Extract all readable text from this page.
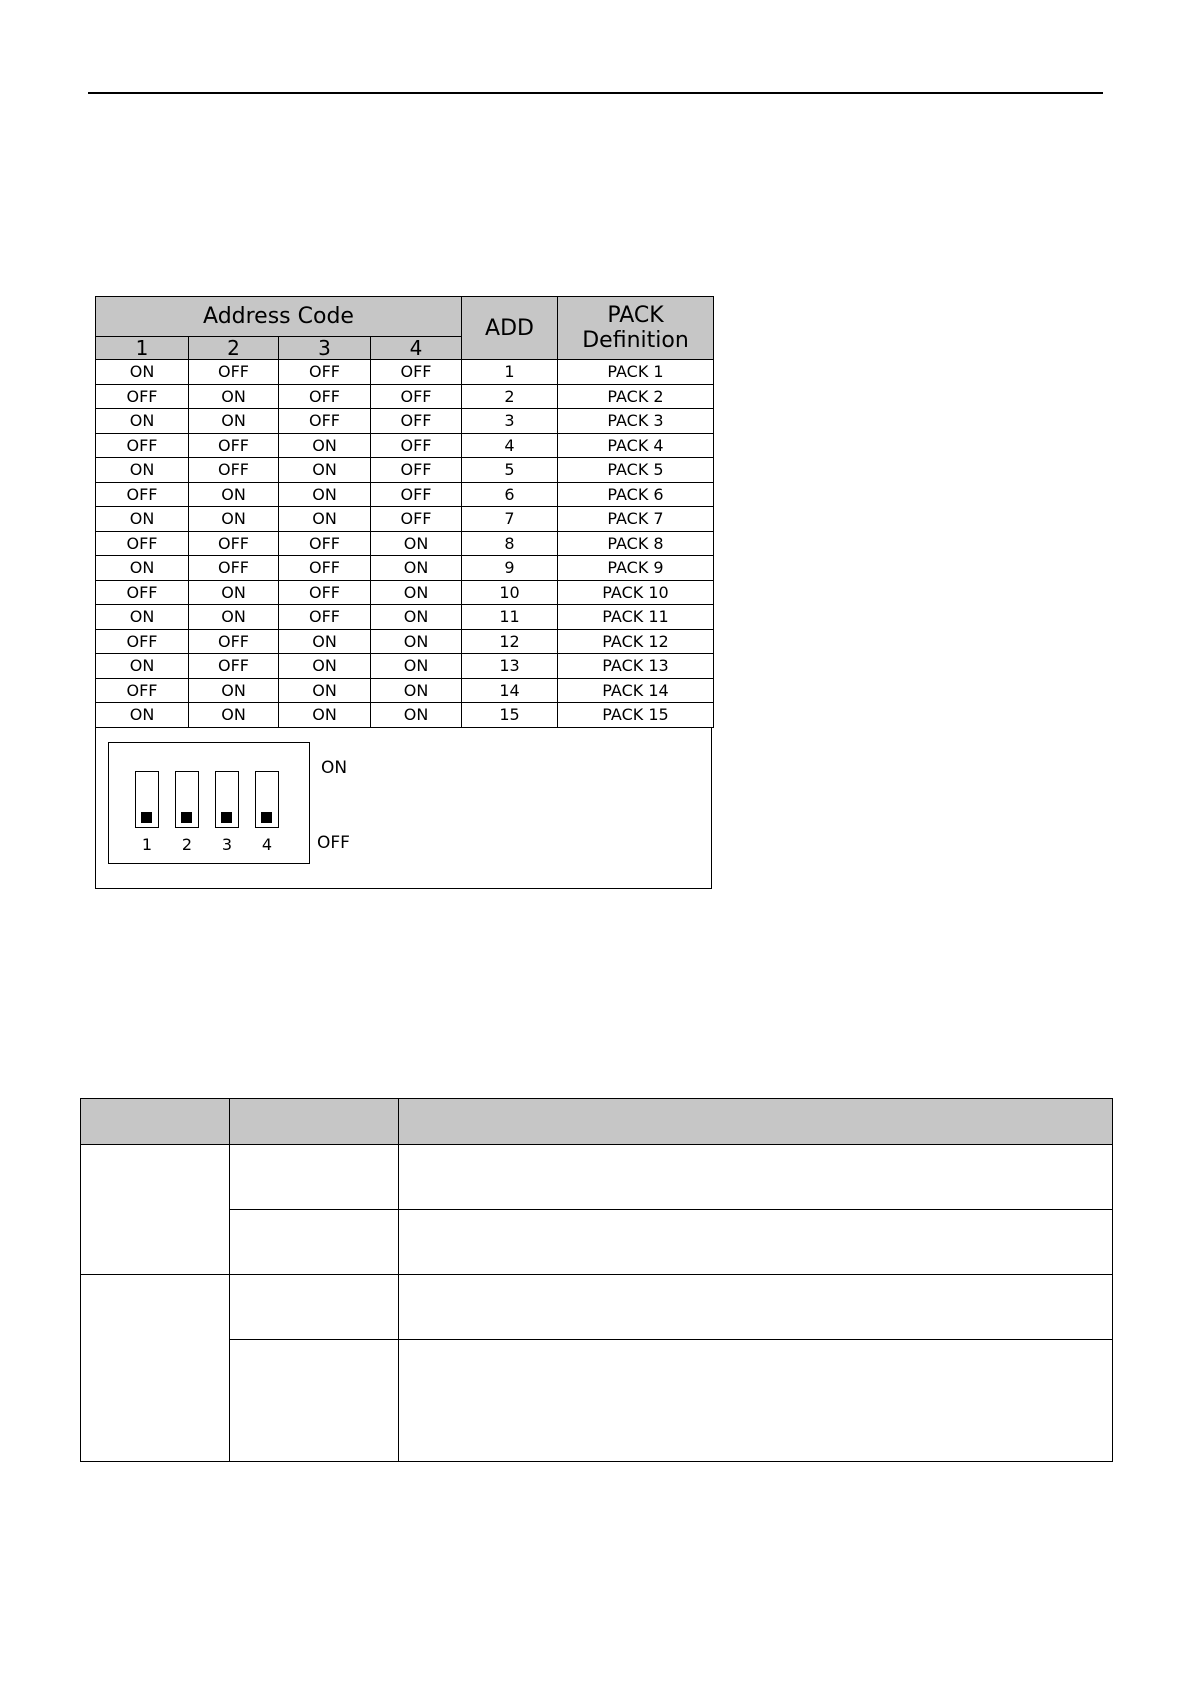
Address Code				ADD	PACK
Definition
1	2	3	4		
ON	OFF	OFF	OFF	1	PACK 1
OFF	ON	OFF	OFF	2	PACK 2
ON	ON	OFF	OFF	3	PACK 3
OFF	OFF	ON	OFF	4	PACK 4
ON	OFF	ON	OFF	5	PACK 5
OFF	ON	ON	OFF	6	PACK 6
ON	ON	ON	OFF	7	PACK 7
OFF	OFF	OFF	ON	8	PACK 8
ON	OFF	OFF	ON	9	PACK 9
OFF	ON	OFF	ON	10	PACK 10
ON	ON	OFF	ON	11	PACK 11
OFF	OFF	ON	ON	12	PACK 12
ON	OFF	ON	ON	13	PACK 13
OFF	ON	ON	ON	14	PACK 14
ON	ON	ON	ON	15	PACK 15
1	2	3	4
ON
OFF
